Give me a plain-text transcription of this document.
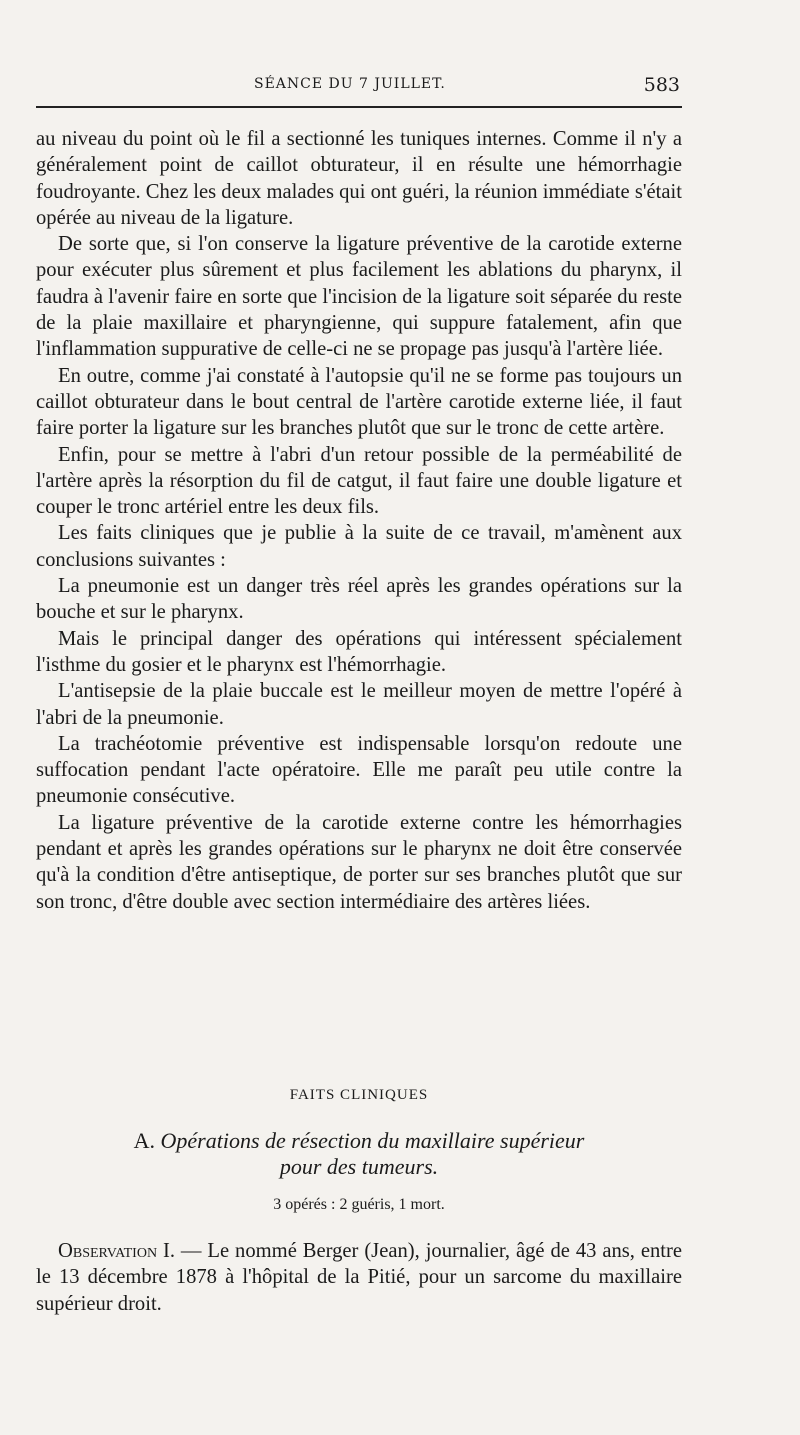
SÉANCE DU 7 JUILLET.	583

au niveau du point où le fil a sectionné les tuniques internes. Comme il n'y a généralement point de caillot obturateur, il en résulte une hémorrhagie foudroyante. Chez les deux malades qui ont guéri, la réunion immédiate s'était opérée au niveau de la ligature.

De sorte que, si l'on conserve la ligature préventive de la carotide externe pour exécuter plus sûrement et plus facilement les ablations du pharynx, il faudra à l'avenir faire en sorte que l'incision de la ligature soit séparée du reste de la plaie maxillaire et pharyngienne, qui suppure fatalement, afin que l'inflammation suppurative de celle-ci ne se propage pas jusqu'à l'artère liée.

En outre, comme j'ai constaté à l'autopsie qu'il ne se forme pas toujours un caillot obturateur dans le bout central de l'artère carotide externe liée, il faut faire porter la ligature sur les branches plutôt que sur le tronc de cette artère.

Enfin, pour se mettre à l'abri d'un retour possible de la perméabilité de l'artère après la résorption du fil de catgut, il faut faire une double ligature et couper le tronc artériel entre les deux fils.

Les faits cliniques que je publie à la suite de ce travail, m'amènent aux conclusions suivantes :

La pneumonie est un danger très réel après les grandes opérations sur la bouche et sur le pharynx.

Mais le principal danger des opérations qui intéressent spécialement l'isthme du gosier et le pharynx est l'hémorrhagie.

L'antisepsie de la plaie buccale est le meilleur moyen de mettre l'opéré à l'abri de la pneumonie.

La trachéotomie préventive est indispensable lorsqu'on redoute une suffocation pendant l'acte opératoire. Elle me paraît peu utile contre la pneumonie consécutive.

La ligature préventive de la carotide externe contre les hémorrhagies pendant et après les grandes opérations sur le pharynx ne doit être conservée qu'à la condition d'être antiseptique, de porter sur ses branches plutôt que sur son tronc, d'être double avec section intermédiaire des artères liées.

FAITS CLINIQUES
A. Opérations de résection du maxillaire supérieur
pour des tumeurs.
3 opérés : 2 guéris, 1 mort.

Observation I. — Le nommé Berger (Jean), journalier, âgé de 43 ans, entre le 13 décembre 1878 à l'hôpital de la Pitié, pour un sarcome du maxillaire supérieur droit.
